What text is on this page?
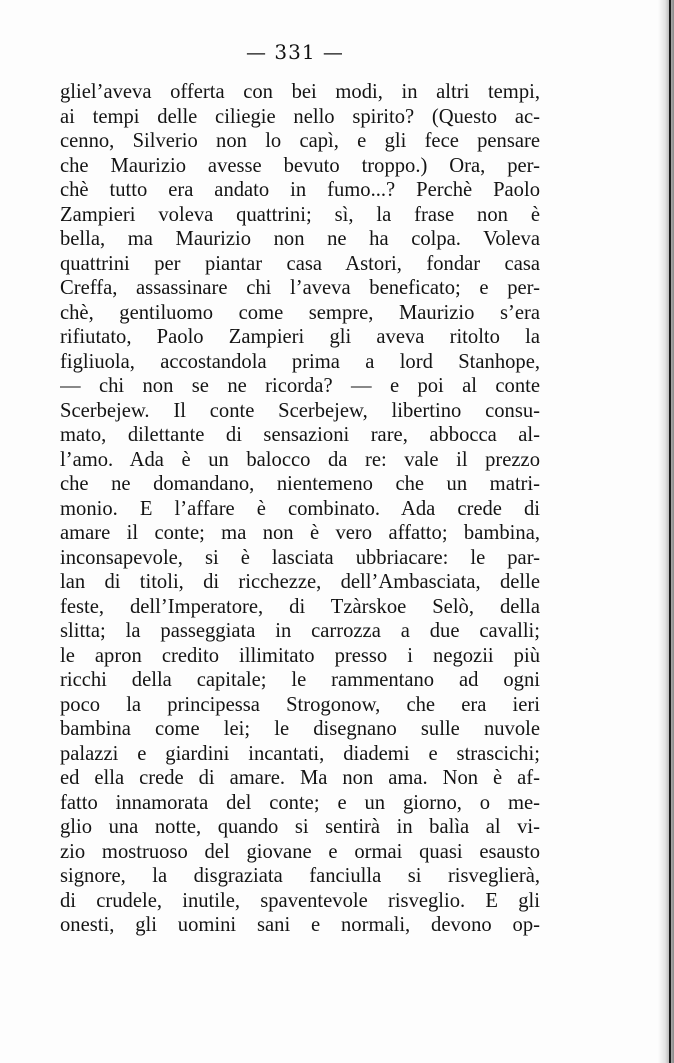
— 331 —
gliel’aveva offerta con bei modi, in altri tempi,
ai tempi delle ciliegie nello spirito? (Questo ac-
cenno, Silverio non lo capì, e gli fece pensare
che Maurizio avesse bevuto troppo.) Ora, per-
chè tutto era andato in fumo...? Perchè Paolo
Zampieri voleva quattrini; sì, la frase non è
bella, ma Maurizio non ne ha colpa. Voleva
quattrini per piantar casa Astori, fondar casa
Creffa, assassinare chi l’aveva beneficato; e per-
chè, gentiluomo come sempre, Maurizio s’era
rifiutato, Paolo Zampieri gli aveva ritolto la
figliuola, accostandola prima a lord Stanhope,
— chi non se ne ricorda? — e poi al conte
Scerbejew. Il conte Scerbejew, libertino consu-
mato, dilettante di sensazioni rare, abbocca al-
l’amo. Ada è un balocco da re: vale il prezzo
che ne domandano, nientemeno che un matri-
monio. E l’affare è combinato. Ada crede di
amare il conte; ma non è vero affatto; bambina,
inconsapevole, si è lasciata ubbriacare: le par-
lan di titoli, di ricchezze, dell’Ambasciata, delle
feste, dell’Imperatore, di Tzàrskoe Selò, della
slitta; la passeggiata in carrozza a due cavalli;
le apron credito illimitato presso i negozii più
ricchi della capitale; le rammentano ad ogni
poco la principessa Strogonow, che era ieri
bambina come lei; le disegnano sulle nuvole
palazzi e giardini incantati, diademi e strascichi;
ed ella crede di amare. Ma non ama. Non è af-
fatto innamorata del conte; e un giorno, o me-
glio una notte, quando si sentirà in balìa al vi-
zio mostruoso del giovane e ormai quasi esausto
signore, la disgraziata fanciulla si risveglierà,
di crudele, inutile, spaventevole risveglio. E gli
onesti, gli uomini sani e normali, devono op-
